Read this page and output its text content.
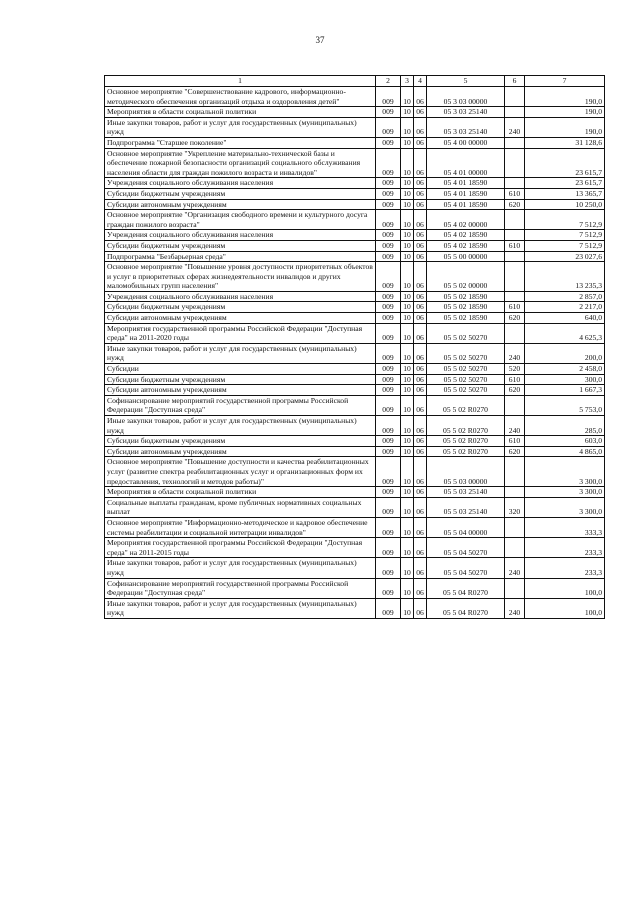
37
1	2	3	4	5	6	7
Основное мероприятие "Совершенствование кадрового, информационно-методического обеспечения организаций отдыха и оздоровления детей"	009	10	06	05 3 03 00000		190,0
Мероприятия в области социальной политики	009	10	06	05 3 03 25140		190,0
Иные закупки товаров, работ и услуг для государственных (муниципальных) нужд	009	10	06	05 3 03 25140	240	190,0
Подпрограмма "Старшее поколение"	009	10	06	05 4 00 00000		31 128,6
Основное мероприятие "Укрепление материально-технической базы и обеспечение пожарной безопасности организаций социального обслуживания населения области для граждан пожилого возраста и инвалидов"	009	10	06	05 4 01 00000		23 615,7
Учреждения социального обслуживания населения	009	10	06	05 4 01 18590		23 615,7
Субсидии бюджетным учреждениям	009	10	06	05 4 01 18590	610	13 365,7
Субсидии автономным учреждениям	009	10	06	05 4 01 18590	620	10 250,0
Основное мероприятие "Организация свободного времени и культурного досуга граждан пожилого возраста"	009	10	06	05 4 02 00000		7 512,9
Учреждения социального обслуживания населения	009	10	06	05 4 02 18590		7 512,9
Субсидии бюджетным учреждениям	009	10	06	05 4 02 18590	610	7 512,9
Подпрограмма "Безбарьерная среда"	009	10	06	05 5 00 00000		23 027,6
Основное мероприятие "Повышение уровня доступности приоритетных объектов и услуг в приоритетных сферах жизнедеятельности инвалидов и других маломобильных групп населения"	009	10	06	05 5 02 00000		13 235,3
Учреждения социального обслуживания населения	009	10	06	05 5 02 18590		2 857,0
Субсидии бюджетным учреждениям	009	10	06	05 5 02 18590	610	2 217,0
Субсидии автономным учреждениям	009	10	06	05 5 02 18590	620	640,0
Мероприятия государственной программы Российской Федерации "Доступная среда" на 2011-2020 годы	009	10	06	05 5 02 50270		4 625,3
Иные закупки товаров, работ и услуг для государственных (муниципальных) нужд	009	10	06	05 5 02 50270	240	200,0
Субсидии	009	10	06	05 5 02 50270	520	2 458,0
Субсидии бюджетным учреждениям	009	10	06	05 5 02 50270	610	300,0
Субсидии автономным учреждениям	009	10	06	05 5 02 50270	620	1 667,3
Софинансирование мероприятий государственной программы Российской Федерации "Доступная среда"	009	10	06	05 5 02 R0270		5 753,0
Иные закупки товаров, работ и услуг для государственных (муниципальных) нужд	009	10	06	05 5 02 R0270	240	285,0
Субсидии бюджетным учреждениям	009	10	06	05 5 02 R0270	610	603,0
Субсидии автономным учреждениям	009	10	06	05 5 02 R0270	620	4 865,0
Основное мероприятие "Повышение доступности и качества реабилитационных услуг (развитие спектра реабилитационных услуг и организационных форм их предоставления, технологий и методов работы)"	009	10	06	05 5 03 00000		3 300,0
Мероприятия в области социальной политики	009	10	06	05 5 03 25140		3 300,0
Социальные выплаты гражданам, кроме публичных нормативных социальных выплат	009	10	06	05 5 03 25140	320	3 300,0
Основное мероприятие "Информационно-методическое и кадровое обеспечение системы реабилитации и социальной интеграции инвалидов"	009	10	06	05 5 04 00000		333,3
Мероприятия государственной программы Российской Федерации "Доступная среда" на 2011-2015 годы	009	10	06	05 5 04 50270		233,3
Иные закупки товаров, работ и услуг для государственных (муниципальных) нужд	009	10	06	05 5 04 50270	240	233,3
Софинансирование мероприятий государственной программы Российской Федерации "Доступная среда"	009	10	06	05 5 04 R0270		100,0
Иные закупки товаров, работ и услуг для государственных (муниципальных) нужд	009	10	06	05 5 04 R0270	240	100,0
